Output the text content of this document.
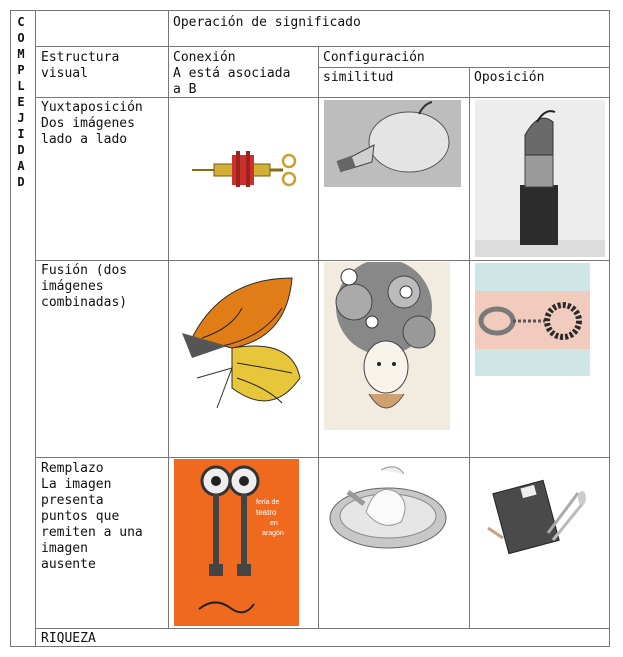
C
O
M
P
L
E
J
I
D
A
D
Operación de significado
Estructura
visual
Conexión
A está asociada
a B
Configuración
similitud	Oposición
Yuxtaposición
Dos imágenes
lado a lado
Fusión (dos
imágenes
combinadas)
Remplazo
La imagen
presenta
puntos que
remiten a una
imagen
ausente
RIQUEZA
feria de
teatro
en
aragón
